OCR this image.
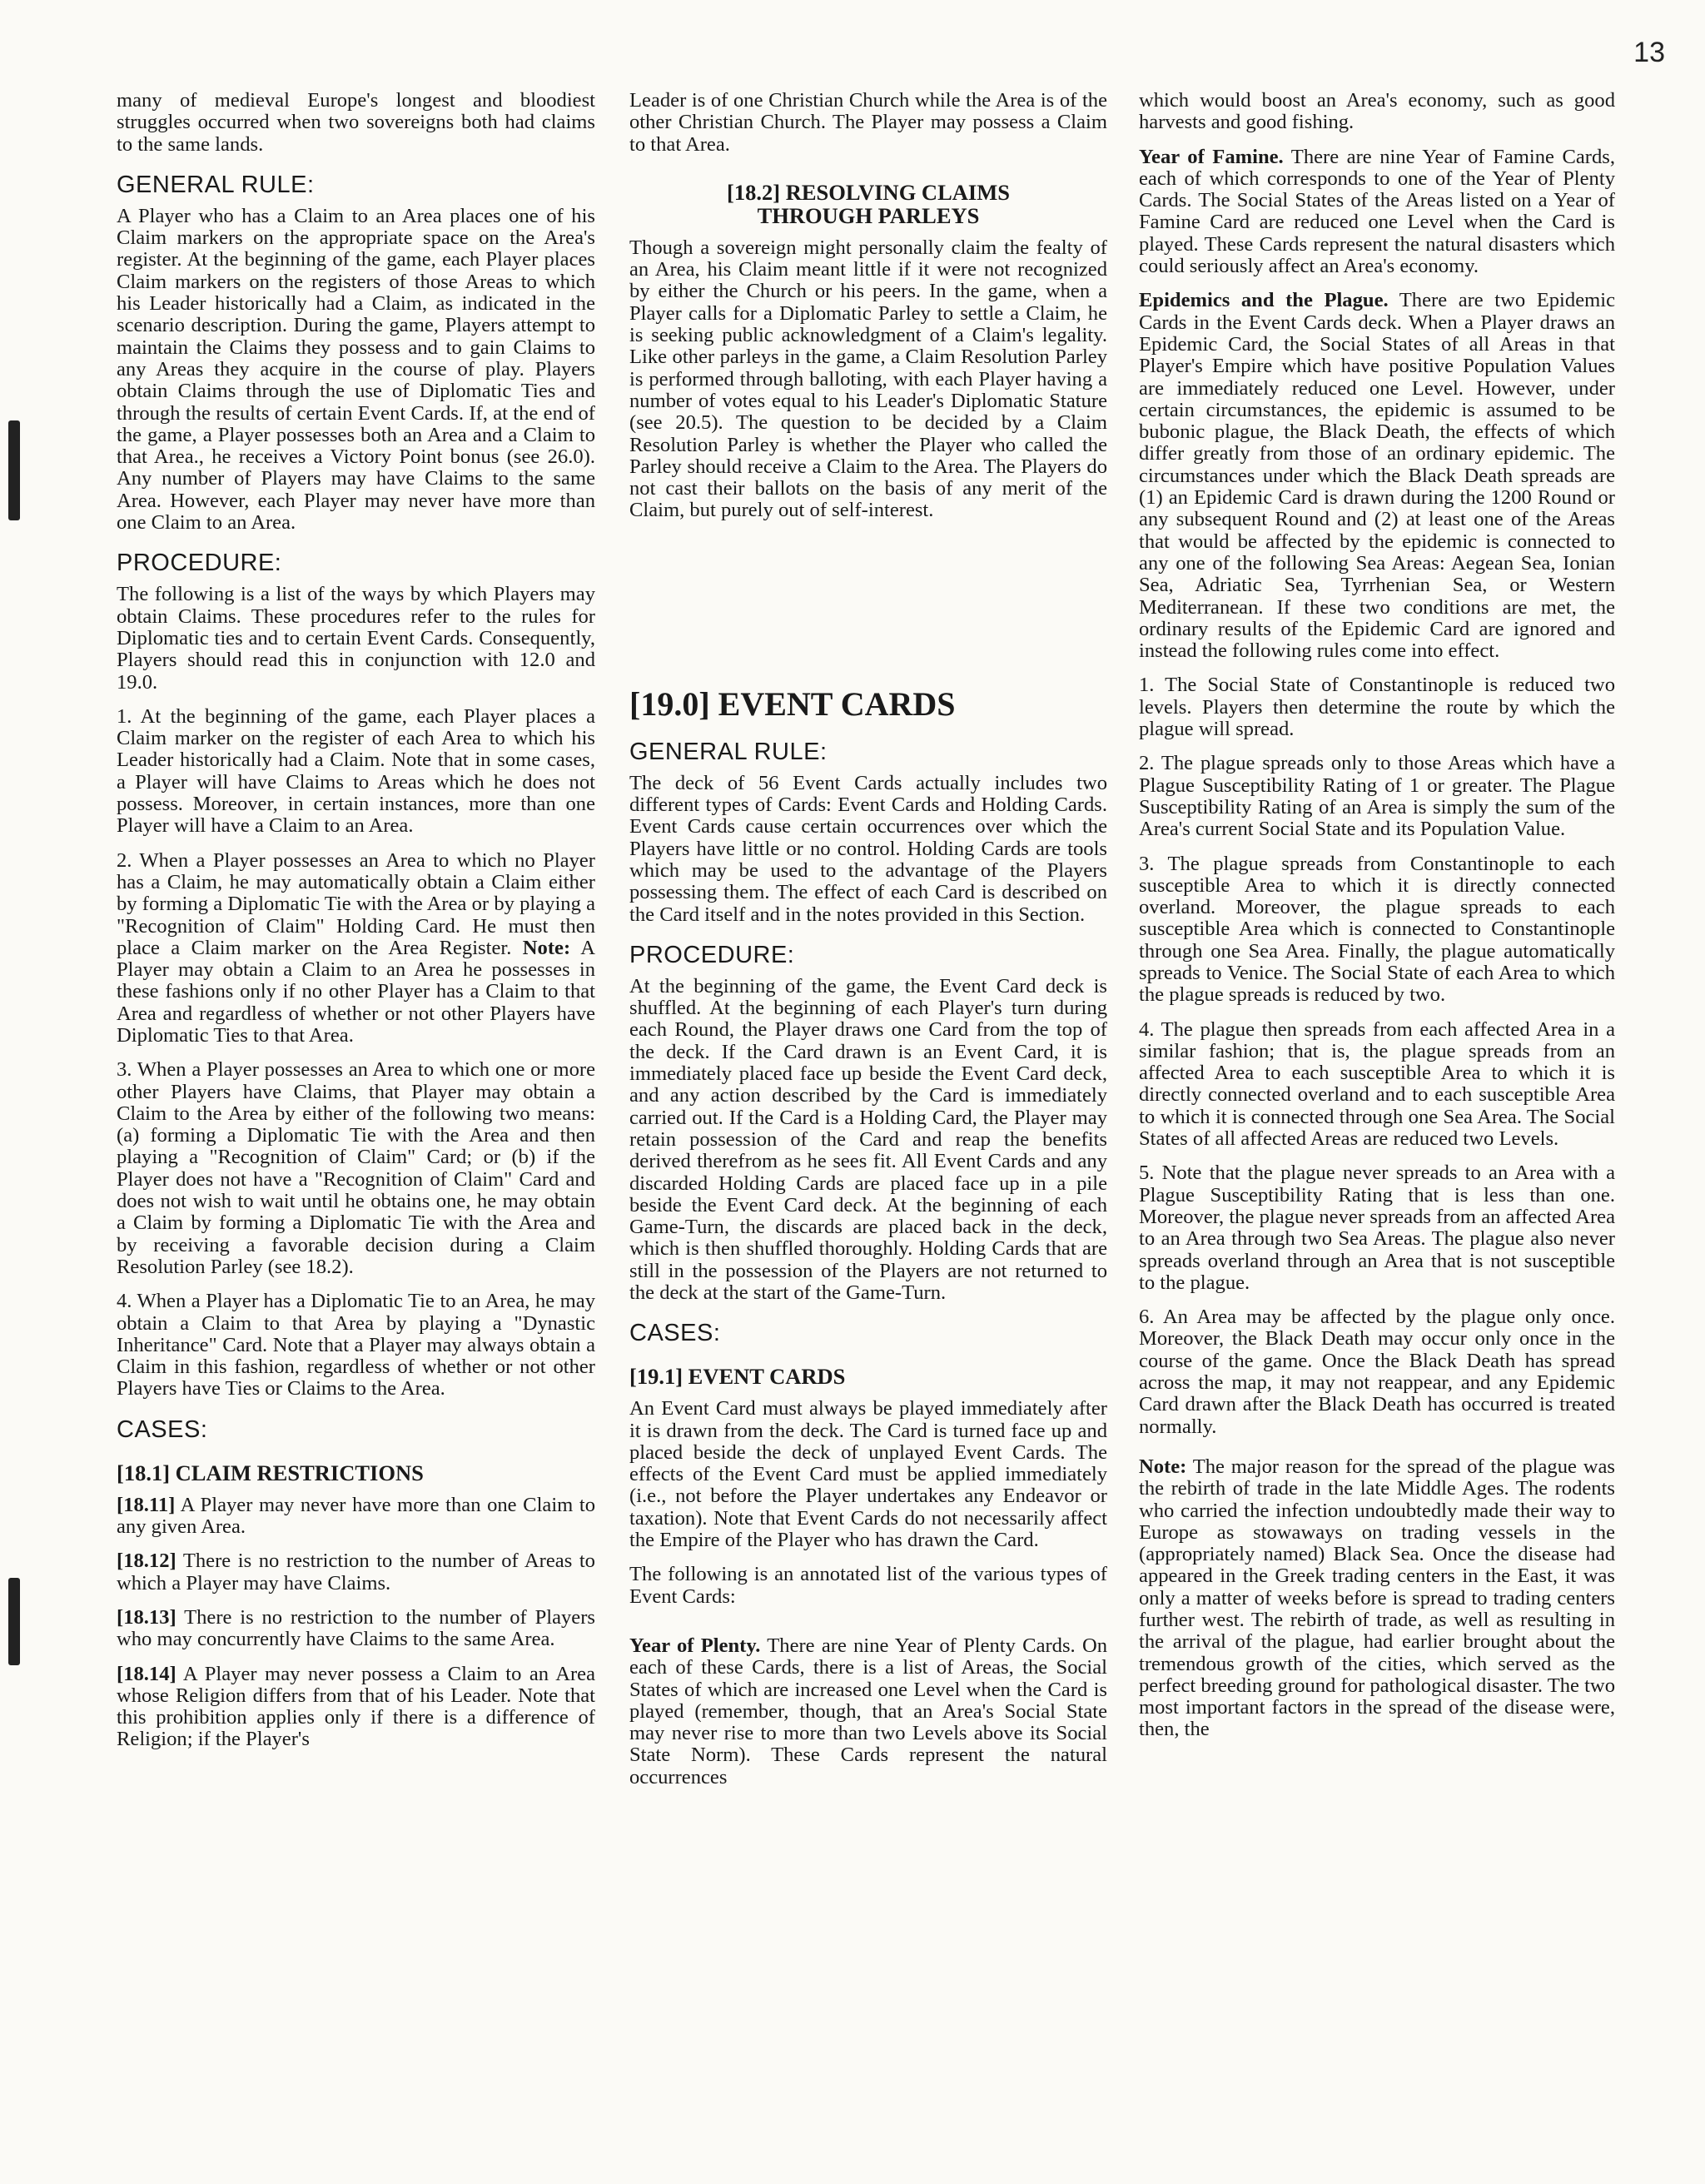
13

many of medieval Europe's longest and bloodiest struggles occurred when two sovereigns both had claims to the same lands.

GENERAL RULE:

A Player who has a Claim to an Area places one of his Claim markers on the appropriate space on the Area's register. At the beginning of the game, each Player places Claim markers on the registers of those Areas to which his Leader historically had a Claim, as indicated in the scenario description. During the game, Players attempt to maintain the Claims they possess and to gain Claims to any Areas they acquire in the course of play. Players obtain Claims through the use of Diplomatic Ties and through the results of certain Event Cards. If, at the end of the game, a Player possesses both an Area and a Claim to that Area., he receives a Victory Point bonus (see 26.0). Any number of Players may have Claims to the same Area. However, each Player may never have more than one Claim to an Area.

PROCEDURE:

The following is a list of the ways by which Players may obtain Claims. These procedures refer to the rules for Diplomatic ties and to certain Event Cards. Consequently, Players should read this in conjunction with 12.0 and 19.0.

1. At the beginning of the game, each Player places a Claim marker on the register of each Area to which his Leader historically had a Claim. Note that in some cases, a Player will have Claims to Areas which he does not possess. Moreover, in certain instances, more than one Player will have a Claim to an Area.

2. When a Player possesses an Area to which no Player has a Claim, he may automatically obtain a Claim either by forming a Diplomatic Tie with the Area or by playing a "Recognition of Claim" Holding Card. He must then place a Claim marker on the Area Register. Note: A Player may obtain a Claim to an Area he possesses in these fashions only if no other Player has a Claim to that Area and regardless of whether or not other Players have Diplomatic Ties to that Area.

3. When a Player possesses an Area to which one or more other Players have Claims, that Player may obtain a Claim to the Area by either of the following two means: (a) forming a Diplomatic Tie with the Area and then playing a "Recognition of Claim" Card; or (b) if the Player does not have a "Recognition of Claim" Card and does not wish to wait until he obtains one, he may obtain a Claim by forming a Diplomatic Tie with the Area and by receiving a favorable decision during a Claim Resolution Parley (see 18.2).

4. When a Player has a Diplomatic Tie to an Area, he may obtain a Claim to that Area by playing a "Dynastic Inheritance" Card. Note that a Player may always obtain a Claim in this fashion, regardless of whether or not other Players have Ties or Claims to the Area.

CASES:
[18.1] CLAIM RESTRICTIONS

[18.11] A Player may never have more than one Claim to any given Area.

[18.12] There is no restriction to the number of Areas to which a Player may have Claims.

[18.13] There is no restriction to the number of Players who may concurrently have Claims to the same Area.

[18.14] A Player may never possess a Claim to an Area whose Religion differs from that of his Leader. Note that this prohibition applies only if there is a difference of Religion; if the Player's

Leader is of one Christian Church while the Area is of the other Christian Church. The Player may possess a Claim to that Area.

[18.2] RESOLVING CLAIMS
THROUGH PARLEYS

Though a sovereign might personally claim the fealty of an Area, his Claim meant little if it were not recognized by either the Church or his peers. In the game, when a Player calls for a Diplomatic Parley to settle a Claim, he is seeking public acknowledgment of a Claim's legality. Like other parleys in the game, a Claim Resolution Parley is performed through balloting, with each Player having a number of votes equal to his Leader's Diplomatic Stature (see 20.5). The question to be decided by a Claim Resolution Parley is whether the Player who called the Parley should receive a Claim to the Area. The Players do not cast their ballots on the basis of any merit of the Claim, but purely out of self-interest.

[19.0] EVENT CARDS
GENERAL RULE:

The deck of 56 Event Cards actually includes two different types of Cards: Event Cards and Holding Cards. Event Cards cause certain occurrences over which the Players have little or no control. Holding Cards are tools which may be used to the advantage of the Players possessing them. The effect of each Card is described on the Card itself and in the notes provided in this Section.

PROCEDURE:

At the beginning of the game, the Event Card deck is shuffled. At the beginning of each Player's turn during each Round, the Player draws one Card from the top of the deck. If the Card drawn is an Event Card, it is immediately placed face up beside the Event Card deck, and any action described by the Card is immediately carried out. If the Card is a Holding Card, the Player may retain possession of the Card and reap the benefits derived therefrom as he sees fit. All Event Cards and any discarded Holding Cards are placed face up in a pile beside the Event Card deck. At the beginning of each Game-Turn, the discards are placed back in the deck, which is then shuffled thoroughly. Holding Cards that are still in the possession of the Players are not returned to the deck at the start of the Game-Turn.

CASES:
[19.1] EVENT CARDS

An Event Card must always be played immediately after it is drawn from the deck. The Card is turned face up and placed beside the deck of unplayed Event Cards. The effects of the Event Card must be applied immediately (i.e., not before the Player undertakes any Endeavor or taxation). Note that Event Cards do not necessarily affect the Empire of the Player who has drawn the Card.

The following is an annotated list of the various types of Event Cards:

Year of Plenty. There are nine Year of Plenty Cards. On each of these Cards, there is a list of Areas, the Social States of which are increased one Level when the Card is played (remember, though, that an Area's Social State may never rise to more than two Levels above its Social State Norm). These Cards represent the natural occurrences

which would boost an Area's economy, such as good harvests and good fishing.

Year of Famine. There are nine Year of Famine Cards, each of which corresponds to one of the Year of Plenty Cards. The Social States of the Areas listed on a Year of Famine Card are reduced one Level when the Card is played. These Cards represent the natural disasters which could seriously affect an Area's economy.

Epidemics and the Plague. There are two Epidemic Cards in the Event Cards deck. When a Player draws an Epidemic Card, the Social States of all Areas in that Player's Empire which have positive Population Values are immediately reduced one Level. However, under certain circumstances, the epidemic is assumed to be bubonic plague, the Black Death, the effects of which differ greatly from those of an ordinary epidemic. The circumstances under which the Black Death spreads are (1) an Epidemic Card is drawn during the 1200 Round or any subsequent Round and (2) at least one of the Areas that would be affected by the epidemic is connected to any one of the following Sea Areas: Aegean Sea, Ionian Sea, Adriatic Sea, Tyrrhenian Sea, or Western Mediterranean. If these two conditions are met, the ordinary results of the Epidemic Card are ignored and instead the following rules come into effect.

1. The Social State of Constantinople is reduced two levels. Players then determine the route by which the plague will spread.

2. The plague spreads only to those Areas which have a Plague Susceptibility Rating of 1 or greater. The Plague Susceptibility Rating of an Area is simply the sum of the Area's current Social State and its Population Value.

3. The plague spreads from Constantinople to each susceptible Area to which it is directly connected overland. Moreover, the plague spreads to each susceptible Area which is connected to Constantinople through one Sea Area. Finally, the plague automatically spreads to Venice. The Social State of each Area to which the plague spreads is reduced by two.

4. The plague then spreads from each affected Area in a similar fashion; that is, the plague spreads from an affected Area to each susceptible Area to which it is directly connected overland and to each susceptible Area to which it is connected through one Sea Area. The Social States of all affected Areas are reduced two Levels.

5. Note that the plague never spreads to an Area with a Plague Susceptibility Rating that is less than one. Moreover, the plague never spreads from an affected Area to an Area through two Sea Areas. The plague also never spreads overland through an Area that is not susceptible to the plague.

6. An Area may be affected by the plague only once. Moreover, the Black Death may occur only once in the course of the game. Once the Black Death has spread across the map, it may not reappear, and any Epidemic Card drawn after the Black Death has occurred is treated normally.

Note: The major reason for the spread of the plague was the rebirth of trade in the late Middle Ages. The rodents who carried the infection undoubtedly made their way to Europe as stowaways on trading vessels in the (appropriately named) Black Sea. Once the disease had appeared in the Greek trading centers in the East, it was only a matter of weeks before is spread to trading centers further west. The rebirth of trade, as well as resulting in the arrival of the plague, had earlier brought about the tremendous growth of the cities, which served as the perfect breeding ground for pathological disaster. The two most important factors in the spread of the disease were, then, the
